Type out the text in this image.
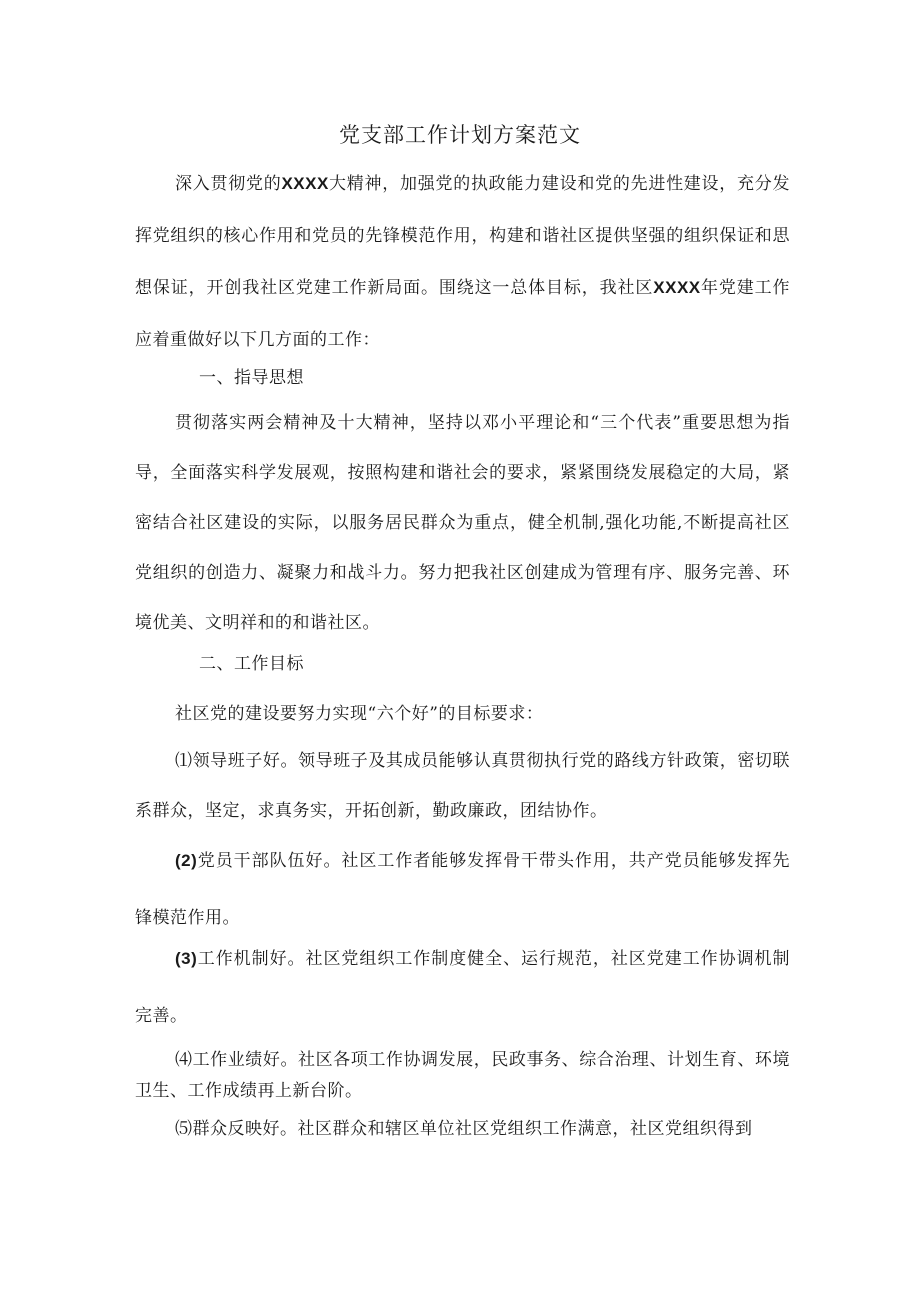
党支部工作计划方案范文
深入贯彻党的XXXX大精神，加强党的执政能力建设和党的先进性建设，充分发挥党组织的核心作用和党员的先锋模范作用，构建和谐社区提供坚强的组织保证和思想保证，开创我社区党建工作新局面。围绕这一总体目标，我社区XXXX年党建工作应着重做好以下几方面的工作：
一、指导思想
贯彻落实两会精神及十大精神，坚持以邓小平理论和“三个代表”重要思想为指导，全面落实科学发展观，按照构建和谐社会的要求，紧紧围绕发展稳定的大局，紧密结合社区建设的实际，以服务居民群众为重点，健全机制,强化功能,不断提高社区党组织的创造力、凝聚力和战斗力。努力把我社区创建成为管理有序、服务完善、环境优美、文明祥和的和谐社区。
二、工作目标
社区党的建设要努力实现“六个好”的目标要求：
⑴领导班子好。领导班子及其成员能够认真贯彻执行党的路线方针政策，密切联系群众，坚定，求真务实，开拓创新，勤政廉政，团结协作。
(2)党员干部队伍好。社区工作者能够发挥骨干带头作用，共产党员能够发挥先锋模范作用。
(3)工作机制好。社区党组织工作制度健全、运行规范，社区党建工作协调机制完善。
⑷工作业绩好。社区各项工作协调发展，民政事务、综合治理、计划生育、环境卫生、工作成绩再上新台阶。
⑸群众反映好。社区群众和辖区单位社区党组织工作满意，社区党组织得到
